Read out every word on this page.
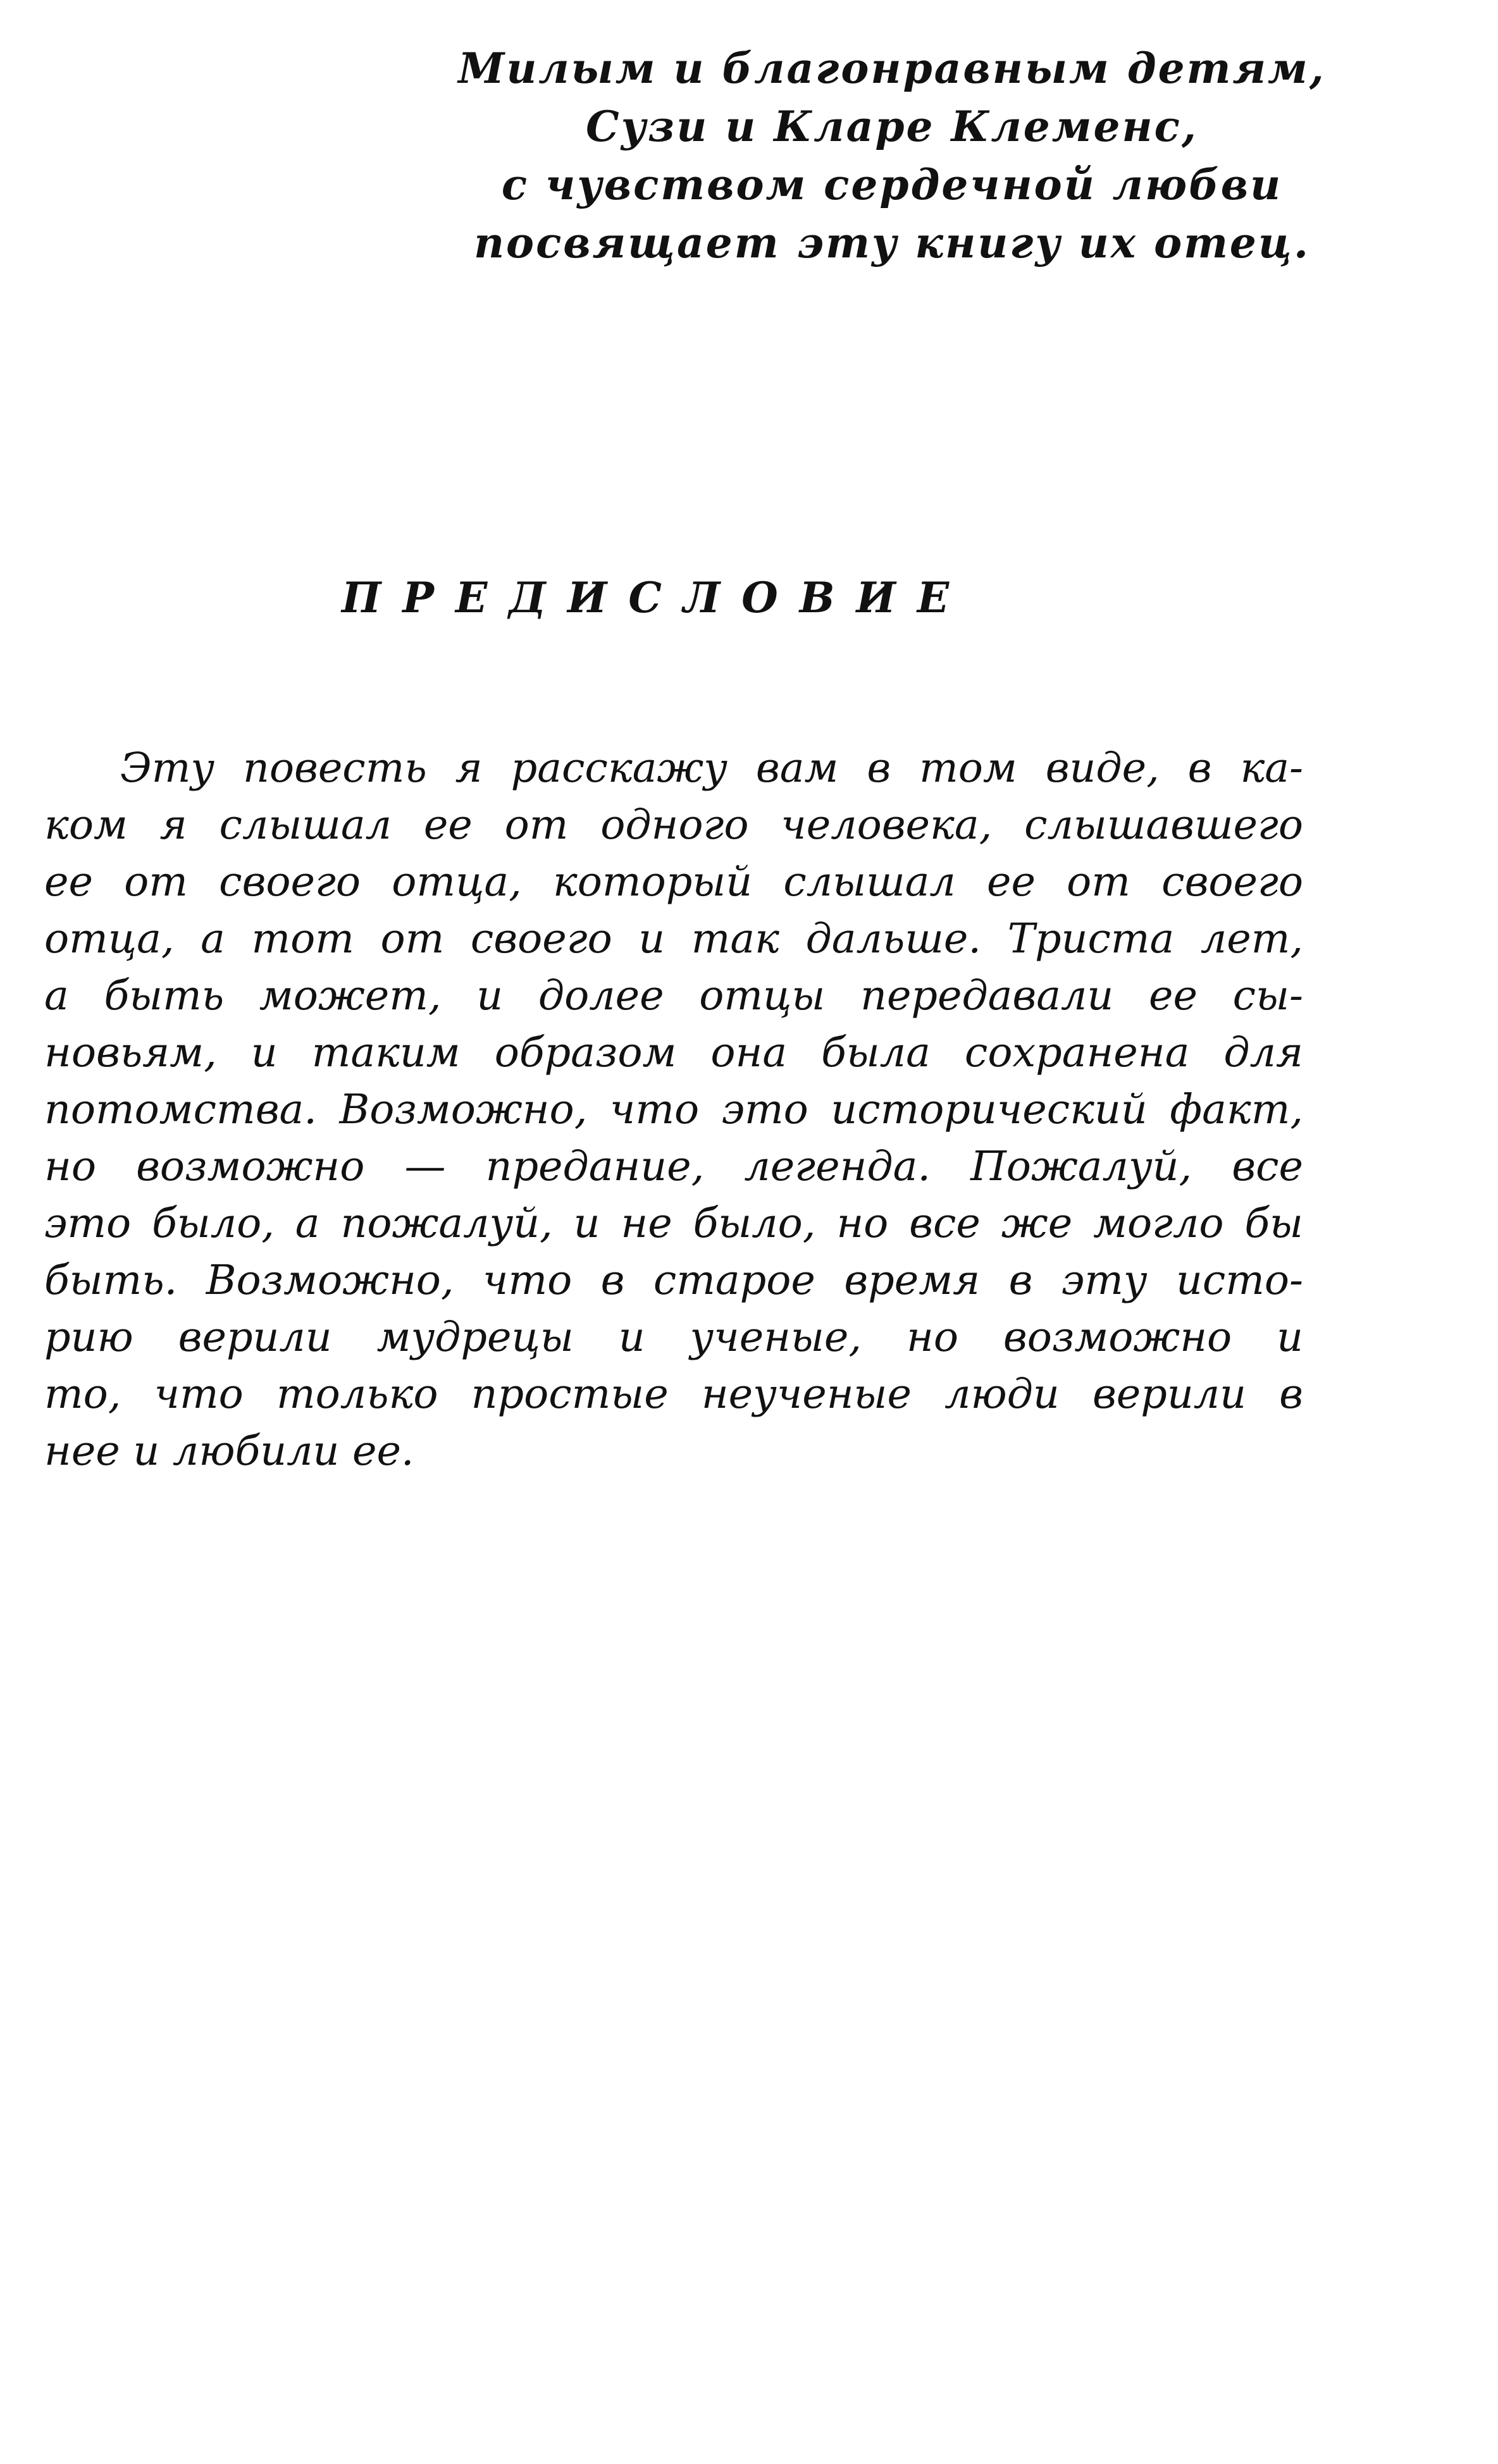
Милым и благонравным детям,
Сузи и Кларе Клеменс,
с чувством сердечной любви
посвящает эту книгу их отец.
ПРЕДИСЛОВИЕ
Эту повесть я расскажу вам в том виде, в ка-
ком я слышал ее от одного человека, слышавшего
ее от своего отца, который слышал ее от своего
отца, а тот от своего и так дальше. Триста лет,
а быть может, и долее отцы передавали ее сы-
новьям, и таким образом она была сохранена для
потомства. Возможно, что это исторический факт,
но возможно — предание, легенда. Пожалуй, все
это было, а пожалуй, и не было, но все же могло бы
быть. Возможно, что в старое время в эту исто-
рию верили мудрецы и ученые, но возможно и
то, что только простые неученые люди верили в
нее и любили ее.
